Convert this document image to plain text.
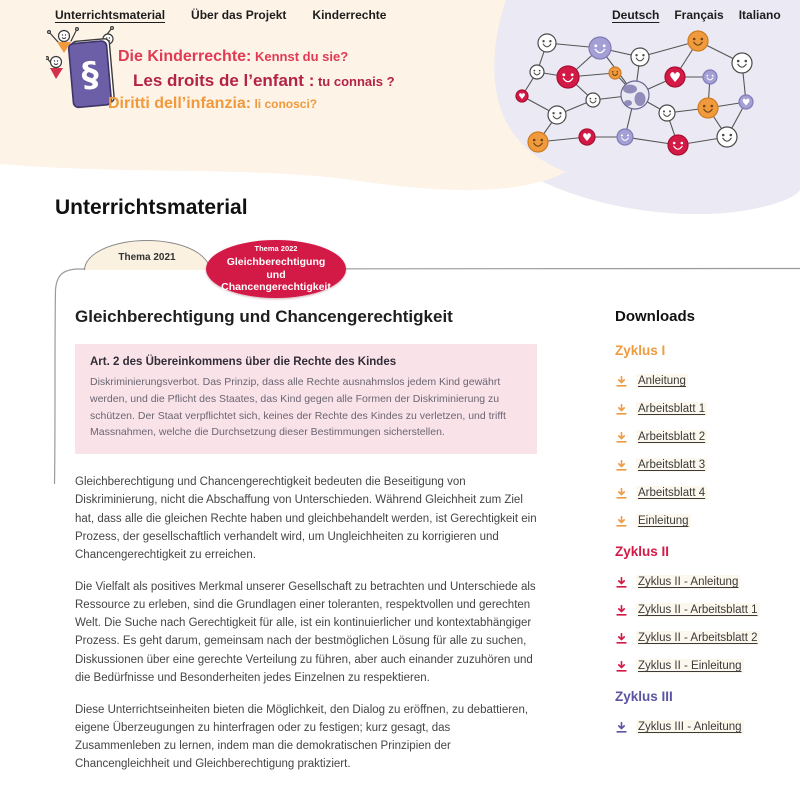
Unterrichtsmaterial Über das Projekt Kinderrechte	Deutsch Français Italiano
§ Die Kinderrechte: Kennst du sie?
Les droits de l’enfant : tu connais ?
Diritti dell’infanzia: li conosci?
♥
♥
♥
♥
Unterrichtsmaterial
Thema 2021
Thema 2022
Gleichberechtigung und Chancengerechtigkeit
Gleichberechtigung und Chancengerechtigkeit
Art. 2 des Übereinkommens über die Rechte des Kindes
Diskriminierungsverbot. Das Prinzip, dass alle Rechte ausnahmslos jedem Kind gewährt werden, und die Pflicht des Staates, das Kind gegen alle Formen der Diskriminierung zu schützen. Der Staat verpflichtet sich, keines der Rechte des Kindes zu verletzen, und trifft Massnahmen, welche die Durchsetzung dieser Bestimmungen sicherstellen.

Gleichberechtigung und Chancengerechtigkeit bedeuten die Beseitigung von Diskriminierung, nicht die Abschaffung von Unterschieden. Während Gleichheit zum Ziel hat, dass alle die gleichen Rechte haben und gleichbehandelt werden, ist Gerechtigkeit ein Prozess, der gesellschaftlich verhandelt wird, um Ungleichheiten zu korrigieren und Chancengerechtigkeit zu erreichen.

Die Vielfalt als positives Merkmal unserer Gesellschaft zu betrachten und Unterschiede als Ressource zu erleben, sind die Grundlagen einer toleranten, respektvollen und gerechten Welt. Die Suche nach Gerechtigkeit für alle, ist ein kontinuierlicher und kontextabhängiger Prozess. Es geht darum, gemeinsam nach der bestmöglichen Lösung für alle zu suchen, Diskussionen über eine gerechte Verteilung zu führen, aber auch einander zuzuhören und die Bedürfnisse und Besonderheiten jedes Einzelnen zu respektieren.

Diese Unterrichtseinheiten bieten die Möglichkeit, den Dialog zu eröffnen, zu debattieren, eigene Überzeugungen zu hinterfragen oder zu festigen; kurz gesagt, das Zusammenleben zu lernen, indem man die demokratischen Prinzipien der Chancengleichheit und Gleichberechtigung praktiziert.

Downloads
Zyklus I
Anleitung
Arbeitsblatt 1
Arbeitsblatt 2
Arbeitsblatt 3
Arbeitsblatt 4
Einleitung
Zyklus II
Zyklus II - Anleitung
Zyklus II - Arbeitsblatt 1
Zyklus II - Arbeitsblatt 2
Zyklus II - Einleitung
Zyklus III
Zyklus III - Anleitung
